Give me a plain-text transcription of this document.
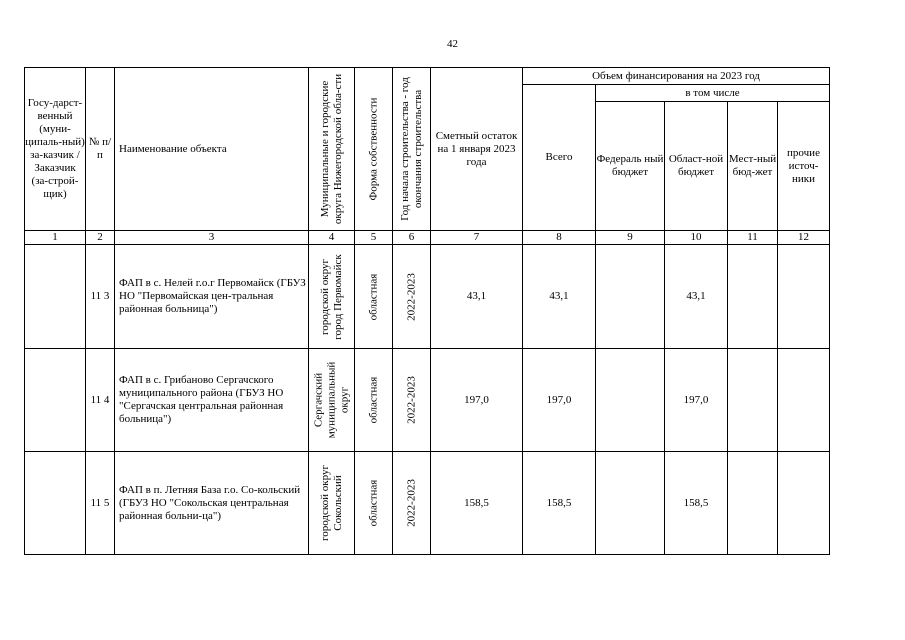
42
Госу-дарст-венный (муни-ципаль-ный) за-казчик / Заказчик (за-строй-щик)	№ п/п	Нaименование объекта	Муниципальные и городские округа Нижегородской обла-сти	Форма собственности	Год начала строительства - год окончания строительства	Сметный остаток на 1 января 2023 года	Объем финансирования на 2023 год				
							Всего	в том числе			
								Федераль ный бюджет	Област-ной бюджет	Мест-ный бюд-жет	прочие источ-ники
1	2	3	4	5	6	7	8	9	10	11	12
	11 3	ФАП в с. Нелей г.о.г Первомайск (ГБУЗ НО "Первомайская цен-тральная районная больница")	городской округ город Первомайск	областная	2022-2023	43,1	43,1		43,1		
	11 4	ФАП в с. Грибаново Сергачского муниципального района (ГБУЗ НО "Сергачская центральная районная больница")	Сергачский муниципальный округ	областная	2022-2023	197,0	197,0		197,0		
	11 5	ФАП в п. Летняя База г.о. Со-кольский (ГБУЗ НО "Сокольская центральная районная больни-ца")	городской округ Сокольский	областная	2022-2023	158,5	158,5		158,5		
